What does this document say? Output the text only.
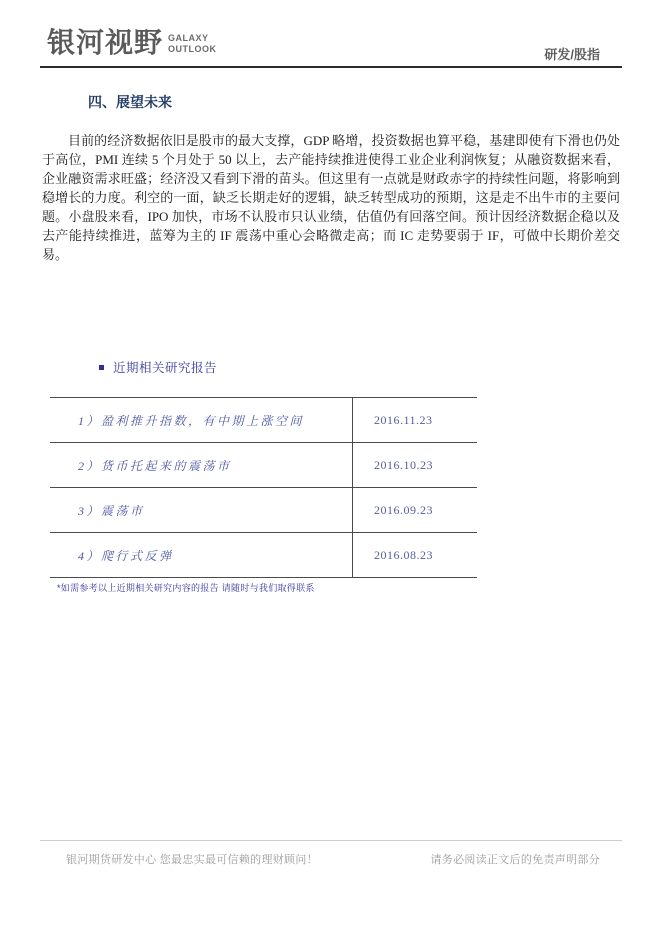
银河视野 GALAXY
OUTLOOK	研发/股指
四、展望未来
目前的经济数据依旧是股市的最大支撑，GDP 略增，投资数据也算平稳，基建即使有下滑也仍处于高位，PMI 连续 5 个月处于 50 以上，去产能持续推进使得工业企业利润恢复；从融资数据来看，企业融资需求旺盛；经济没又看到下滑的苗头。但这里有一点就是财政赤字的持续性问题，将影响到稳增长的力度。利空的一面，缺乏长期走好的逻辑，缺乏转型成功的预期，这是走不出牛市的主要问题。小盘股来看，IPO 加快，市场不认股市只认业绩，估值仍有回落空间。预计因经济数据企稳以及去产能持续推进，蓝筹为主的 IF 震荡中重心会略微走高；而 IC 走势要弱于 IF，可做中长期价差交易。
近期相关研究报告
1）盈利推升指数，有中期上涨空间	2016.11.23
2）货币托起来的震荡市	2016.10.23
3）震荡市	2016.09.23
4）爬行式反弹	2016.08.23
*如需参考以上近期相关研究内容的报告 请随时与我们取得联系
银河期货研发中心 您最忠实最可信赖的理财顾问！	请务必阅读正文后的免责声明部分
